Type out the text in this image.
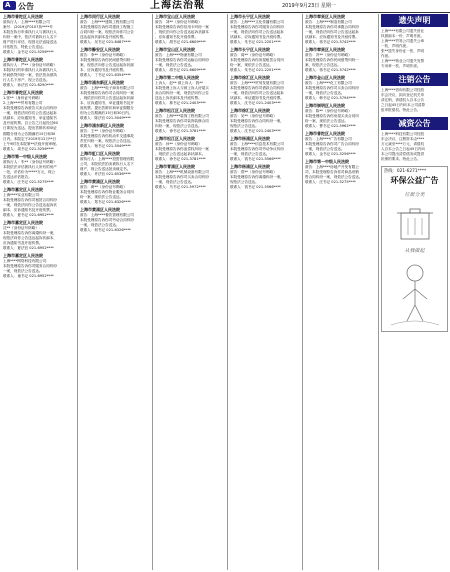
A 公告	上海法治報	2019年9月23日 星期一
上海市普陀区人民法院

被执行人：上海****有限公司

案号：(2019)沪0107执****号

本院在执行申请执行人与被执行人

纠纷一案中，依法对被执行人名下

财产进行评估，现因无法直接送达

评估报告，特此公告送达。

联系人：金书记 021-5256****

上海市普陀区人民法院

被执行人：严**（身份证号码略）

本院执行的申请执行人诉被执行人

民间借贷纠纷一案，依法拍卖被执

行人名下房产，现公告送达。

联系人：孙法官 021-6290****

上海市普陀区人民法院

1.张**（身份证号码略）

2.上海****贸易有限公司

本院受理原告诉被告买卖合同纠纷

一案，现依法向你们公告送达起诉

状副本、应诉通知书、举证通知书

及开庭传票。自公告之日起经过60

日即视为送达。提出答辩状和举证

期限分别为公告期满后15日和30

日内。本院定于2019年12月**日

上午9时在本院第**法庭开庭审理。

联系人：周书记 021-5256****

上海市第一中级人民法院

被执行人：朱**（身份证号码略）

本院依法评估被执行人所有的房产

一处，评估价为*****万元，现公

告送达评估报告。

联系人：汪书记 021-5275****

上海市嘉定区人民法院

上海****实业有限公司：

本院受理原告诉你司租赁合同纠纷

一案，现依法向你公告送达起诉状

副本、应诉通知书及开庭传票。

联系人：夏书记 021-6952****

上海市嘉定区人民法院

沈**（身份证号码略）：

本院受理原告诉你离婚纠纷一案，

现依法向你公告送达起诉状副本、

应诉通知书及开庭传票。

联系人：夏法官 021-6952****

上海市嘉定区人民法院

上海****网络科技有限公司：

本院受理原告诉你司服务合同纠纷

一案，现依法公告送达。

联系人：童书记 021-6952****

上海市闵行区人民法院

被告：上海****建筑工程有限公司

本院受理原告诉你司建设工程施工

合同纠纷一案，现依法向你司公告

送达起诉状副本及开庭传票。

联系人：吴书记 021-6487****

上海市静安区人民法院

被告：李**（身份证号码略）

本院受理原告诉你民间借贷纠纷一

案，现依法向你公告送达起诉状副

本、应诉通知书及开庭传票。

联系人：丁书记 021-6354****

上海市浦东新区人民法院

被告：上海****电子商务有限公司

本院受理原告诉你司合同纠纷一案

，现依法向你司公告送达起诉状副

本、应诉通知书、举证通知书及开

庭传票。提出答辩状和举证期限分

别为公告期满后15日和30日内。

联系人：陈法官 021-5049****

上海市浦东新区人民法院

被告：王**（身份证号码略）

本院受理原告诉你机动车交通事故

责任纠纷一案，现依法公告送达。

联系人：杨书记 021-5049****

上海市虹口区人民法院

被执行人：上海****投资管理有限

公司，本院依法拍卖被执行人名下

财产，现公告送达拍卖裁定书。

联系人：许法官 021-6536****

上海市黄浦区人民法院

被告：黄**（身份证号码略）

本院受理原告诉你物业服务合同纠

纷一案，现依法公告送达。

联系人：郑书记 021-6326****

上海市黄浦区人民法院

被告：上海****餐饮管理有限公司

本院受理原告诉你司劳动合同纠纷

一案，现依法公告送达。

联系人：何书记 021-6326****

上海市宝山区人民法院

被告：刘**（身份证号码略）

本院受理原告诉你信用卡纠纷一案

，现依法向你公告送达起诉状副本

、应诉通知书及开庭传票。

联系人：胡书记 021-6609****

上海市宝山区人民法院

被告：上海****物流有限公司

本院受理原告诉你司运输合同纠纷

一案，现依法公告送达。

联系人：胡书记 021-6609****

上海市第二中级人民法院

上诉人：赵** 被上诉人：钱**

本院受理上诉人与被上诉人房屋买

卖合同纠纷一案，现依法向你公告

送达上诉状副本及开庭传票。

联系人：林书记 021-2403****

上海市松江区人民法院

被告：上海****装饰工程有限公司

本院受理原告诉你司装饰装修合同

纠纷一案，现依法公告送达。

联系人：徐书记 021-3781****

上海市松江区人民法院

被告：孙**（身份证号码略）

本院受理原告诉你追偿权纠纷一案

，现依法公告送达起诉状副本。

联系人：徐书记 021-3781****

上海市青浦区人民法院

被告：上海****机械设备有限公司

本院受理原告诉你司买卖合同纠纷

一案，现依法公告送达。

联系人：马书记 021-5972****

上海市长宁区人民法院

被告：上海****文化传播有限公司

本院受理原告诉你司服务合同纠纷

一案，现依法向你司公告送达起诉

状副本、应诉通知书及开庭传票。

联系人：朱书记 021-2201****

上海市长宁区人民法院

被告：周**（身份证号码略）

本院受理原告诉你房屋租赁合同纠

纷一案，现依法公告送达。

联系人：朱书记 021-2201****

上海市徐汇区人民法院

被告：上海****贸易发展有限公司

本院受理原告诉你司借款合同纠纷

一案，现依法向你司公告送达起诉

状副本、举证通知书及开庭传票。

联系人：沈书记 021-2403****

上海市徐汇区人民法院

被告：吴**（身份证号码略）

本院受理原告诉你合同纠纷一案，

现依法公告送达。

联系人：沈书记 021-2403****

上海市杨浦区人民法院

被告：上海****信息技术有限公司

本院受理原告诉你司劳动争议纠纷

一案，现依法公告送达。

联系人：钱书记 021-5566****

上海市杨浦区人民法院

被告：郑**（身份证号码略）

本院受理原告诉你离婚纠纷一案，

现依法公告送达。

联系人：钱书记 021-5566****

上海市奉贤区人民法院

被告：上海****制造有限公司

本院受理原告诉你司承揽合同纠纷

一案，现依法向你司公告送达起诉

状副本、应诉通知书及开庭传票。

联系人：蒋书记 021-5742****

上海市奉贤区人民法院

被告：冯**（身份证号码略）

本院受理原告诉你民间借贷纠纷一

案，现依法公告送达。

联系人：蒋书记 021-5742****

上海市金山区人民法院

被告：上海****化工有限公司

本院受理原告诉你司买卖合同纠纷

一案，现依法公告送达。

联系人：韩书记 021-5794****

上海市崇明区人民法院

被告：陈**（身份证号码略）

本院受理原告诉你房屋买卖合同纠

纷一案，现依法公告送达。

联系人：曹书记 021-5962****

上海市普陀区人民法院

被告：上海****广告有限公司

本院受理原告诉你司广告合同纠纷

一案，现依法公告送达。

联系人：金书记 021-5256****

上海市第一中级人民法院

被告：上海****房地产开发有限公

司，本院受理原告诉你司商品房销

售合同纠纷一案，现依法公告送达。

联系人：汪书记 021-5275****

遗失声明

上海****有限公司遗失营业

执照副本一份，声明作废。

上海****贸易公司遗失公章

一枚，声明作废。

张**遗失身份证一张，声明

作废。

上海****物业公司遗失发票

专用章一枚，声明作废。

注销公告

上海****咨询有限公司经股

东会决议，拟向登记机关申

请注销，请债权人自本公告

之日起45日内向本公司清算

组申报债权。特此公告。

减资公告

上海****科技有限公司经股

东会决议，注册资本由****

万元减至****万元，请债权

人自本公告之日起45日内向

本公司提出清偿债务或提供

担保的要求。特此公告。

热线：021-6271****
环保公益广告
垃圾分类
从我做起
